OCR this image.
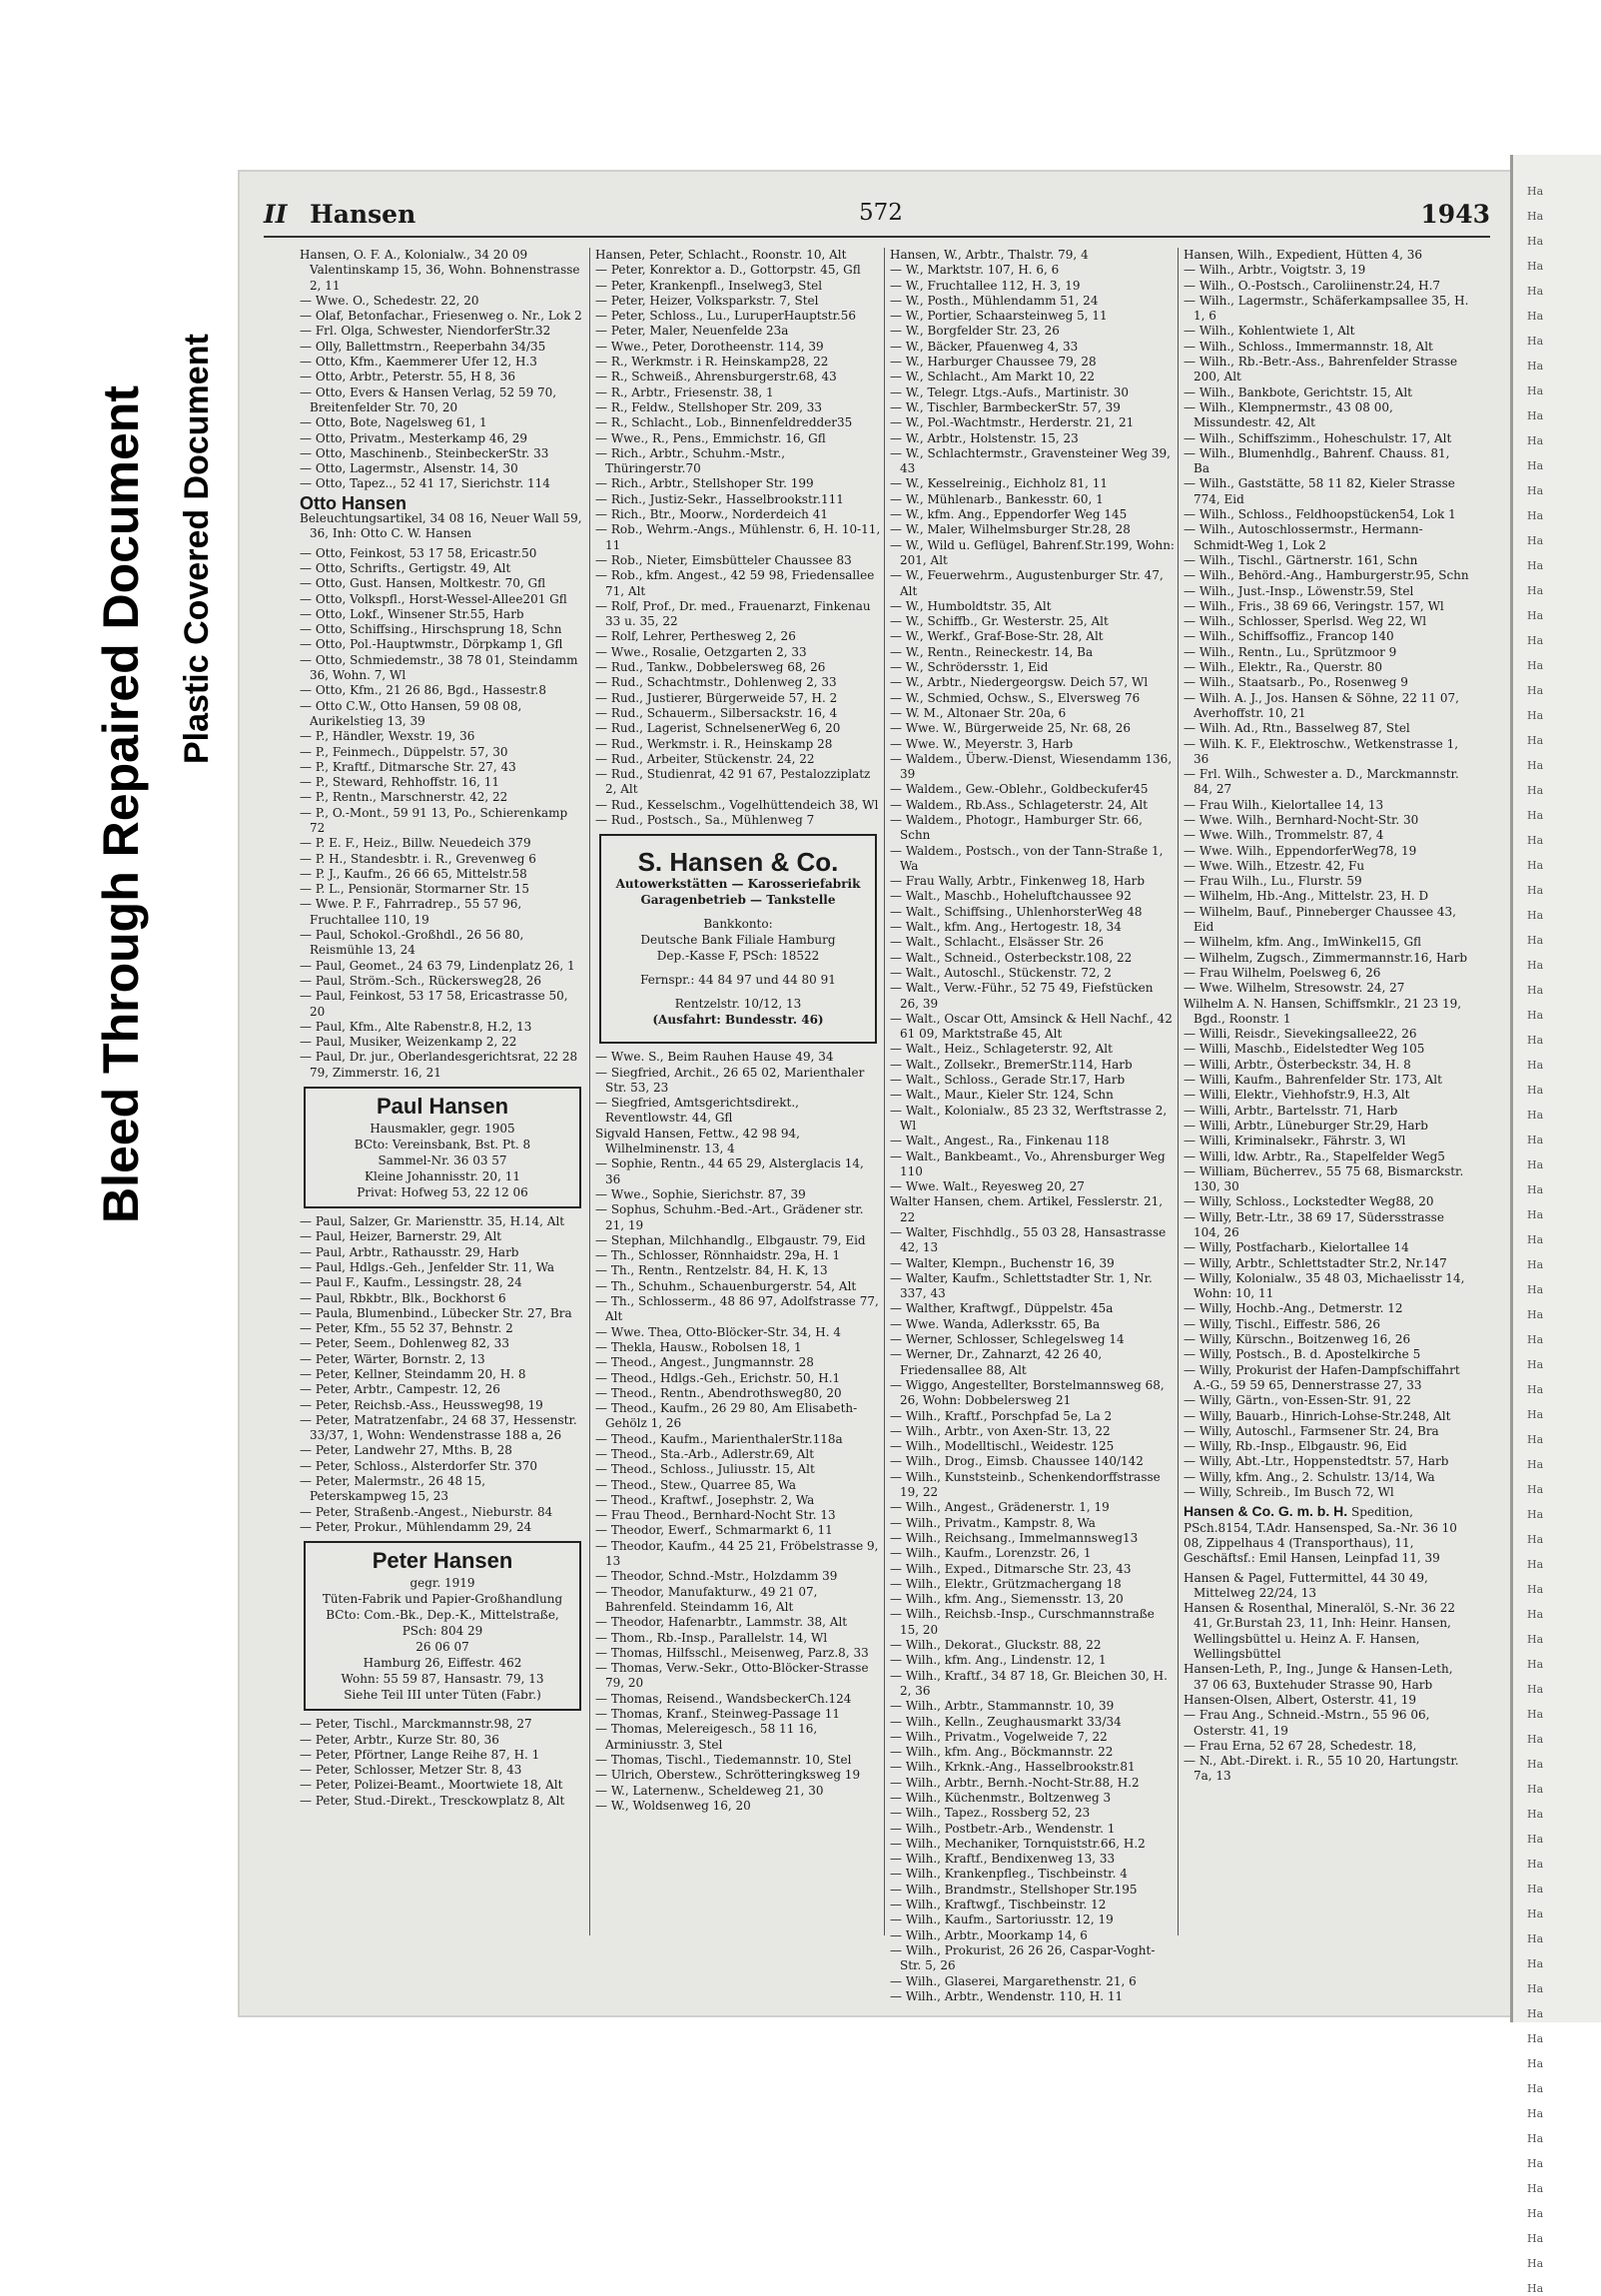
Bleed Through Repaired Document Plastic Covered Document
II Hansen	572	1943
Hansen, O. F. A., Kolonialw., 34 20 09 Valentinskamp 15, 36, Wohn. Bohnenstrasse 2, 11
— Wwe. O., Schedestr. 22, 20
— Olaf, Betonfachar., Friesenweg o. Nr., Lok 2
— Frl. Olga, Schwester, NiendorferStr.32
— Olly, Ballettmstrn., Reeperbahn 34/35
— Otto, Kfm., Kaemmerer Ufer 12, H.3
— Otto, Arbtr., Peterstr. 55, H 8, 36
— Otto, Evers & Hansen Verlag, 52 59 70, Breitenfelder Str. 70, 20
— Otto, Bote, Nagelsweg 61, 1
— Otto, Privatm., Mesterkamp 46, 29
— Otto, Maschinenb., SteinbeckerStr. 33
— Otto, Lagermstr., Alsenstr. 14, 30
— Otto, Tapez.., 52 41 17, Sierichstr. 114
Otto Hansen
Beleuchtungsartikel, 34 08 16, Neuer Wall 59, 36, Inh: Otto C. W. Hansen
— Otto, Feinkost, 53 17 58, Ericastr.50
— Otto, Schrifts., Gertigstr. 49, Alt
— Otto, Gust. Hansen, Moltkestr. 70, Gfl
— Otto, Volkspfl., Horst-Wessel-Allee201 Gfl
— Otto, Lokf., Winsener Str.55, Harb
— Otto, Schiffsing., Hirschsprung 18, Schn
— Otto, Pol.-Hauptwmstr., Dörpkamp 1, Gfl
— Otto, Schmiedemstr., 38 78 01, Steindamm 36, Wohn. 7, Wl
— Otto, Kfm., 21 26 86, Bgd., Hassestr.8
— Otto C.W., Otto Hansen, 59 08 08, Aurikelstieg 13, 39
— P., Händler, Wexstr. 19, 36
— P., Feinmech., Düppelstr. 57, 30
— P., Kraftf., Ditmarsche Str. 27, 43
— P., Steward, Rehhoffstr. 16, 11
— P., Rentn., Marschnerstr. 42, 22
— P., O.-Mont., 59 91 13, Po., Schierenkamp 72
— P. E. F., Heiz., Billw. Neuedeich 379
— P. H., Standesbtr. i. R., Grevenweg 6
— P. J., Kaufm., 26 66 65, Mittelstr.58
— P. L., Pensionär, Stormarner Str. 15
— Wwe. P. F., Fahrradrep., 55 57 96, Fruchtallee 110, 19
— Paul, Schokol.-Großhdl., 26 56 80, Reismühle 13, 24
— Paul, Geomet., 24 63 79, Lindenplatz 26, 1
— Paul, Ström.-Sch., Rückersweg28, 26
— Paul, Feinkost, 53 17 58, Ericastrasse 50, 20
— Paul, Kfm., Alte Rabenstr.8, H.2, 13
— Paul, Musiker, Weizenkamp 2, 22
— Paul, Dr. jur., Oberlandesgerichtsrat, 22 28 79, Zimmerstr. 16, 21
Paul Hansen
Hausmakler, gegr. 1905
BCto: Vereinsbank, Bst. Pt. 8
Sammel-Nr. 36 03 57
Kleine Johannisstr. 20, 11
Privat: Hofweg 53, 22 12 06
— Paul, Salzer, Gr. Mariensttr. 35, H.14, Alt
— Paul, Heizer, Barnerstr. 29, Alt
— Paul, Arbtr., Rathausstr. 29, Harb
— Paul, Hdlgs.-Geh., Jenfelder Str. 11, Wa
— Paul F., Kaufm., Lessingstr. 28, 24
— Paul, Rbkbtr., Blk., Bockhorst 6
— Paula, Blumenbind., Lübecker Str. 27, Bra
— Peter, Kfm., 55 52 37, Behnstr. 2
— Peter, Seem., Dohlenweg 82, 33
— Peter, Wärter, Bornstr. 2, 13
— Peter, Kellner, Steindamm 20, H. 8
— Peter, Arbtr., Campestr. 12, 26
— Peter, Reichsb.-Ass., Heussweg98, 19
— Peter, Matratzenfabr., 24 68 37, Hessenstr. 33/37, 1, Wohn: Wendenstrasse 188 a, 26
— Peter, Landwehr 27, Mths. B, 28
— Peter, Schloss., Alsterdorfer Str. 370
— Peter, Malermstr., 26 48 15, Peterskampweg 15, 23
— Peter, Straßenb.-Angest., Nieburstr. 84
— Peter, Prokur., Mühlendamm 29, 24
Peter Hansen
gegr. 1919
Tüten-Fabrik und Papier-Großhandlung
BCto: Com.-Bk., Dep.-K., Mittelstraße, PSch: 804 29
26 06 07
Hamburg 26, Eiffestr. 462
Wohn: 55 59 87, Hansastr. 79, 13
Siehe Teil III unter Tüten (Fabr.)
— Peter, Tischl., Marckmannstr.98, 27
— Peter, Arbtr., Kurze Str. 80, 36
— Peter, Pförtner, Lange Reihe 87, H. 1
— Peter, Schlosser, Metzer Str. 8, 43
— Peter, Polizei-Beamt., Moortwiete 18, Alt
— Peter, Stud.-Direkt., Tresckowplatz 8, Alt
Hansen, Peter, Schlacht., Roonstr. 10, Alt
— Peter, Konrektor a. D., Gottorpstr. 45, Gfl
— Peter, Krankenpfl., Inselweg3, Stel
— Peter, Heizer, Volksparkstr. 7, Stel
— Peter, Schloss., Lu., LuruperHauptstr.56
— Peter, Maler, Neuenfelde 23a
— Wwe., Peter, Dorotheenstr. 114, 39
— R., Werkmstr. i R. Heinskamp28, 22
— R., Schweiß., Ahrensburgerstr.68, 43
— R., Arbtr., Friesenstr. 38, 1
— R., Feldw., Stellshoper Str. 209, 33
— R., Schlacht., Lob., Binnenfeldredder35
— Wwe., R., Pens., Emmichstr. 16, Gfl
— Rich., Arbtr., Schuhm.-Mstr., Thüringerstr.70
— Rich., Arbtr., Stellshoper Str. 199
— Rich., Justiz-Sekr., Hasselbrookstr.111
— Rich., Btr., Moorw., Norderdeich 41
— Rob., Wehrm.-Angs., Mühlenstr. 6, H. 10-11, 11
— Rob., Nieter, Eimsbütteler Chaussee 83
— Rob., kfm. Angest., 42 59 98, Friedensallee 71, Alt
— Rolf, Prof., Dr. med., Frauenarzt, Finkenau 33 u. 35, 22
— Rolf, Lehrer, Perthesweg 2, 26
— Wwe., Rosalie, Oetzgarten 2, 33
— Rud., Tankw., Dobbelersweg 68, 26
— Rud., Schachtmstr., Dohlenweg 2, 33
— Rud., Justierer, Bürgerweide 57, H. 2
— Rud., Schauerm., Silbersackstr. 16, 4
— Rud., Lagerist, SchnelsenerWeg 6, 20
— Rud., Werkmstr. i. R., Heinskamp 28
— Rud., Arbeiter, Stückenstr. 24, 22
— Rud., Studienrat, 42 91 67, Pestalozziplatz 2, Alt
— Rud., Kesselschm., Vogelhüttendeich 38, Wl
— Rud., Postsch., Sa., Mühlenweg 7
S. Hansen & Co.
Autowerkstätten — Karosseriefabrik
Garagenbetrieb — Tankstelle
Bankkonto:
Deutsche Bank Filiale Hamburg
Dep.-Kasse F, PSch: 18522
Fernspr.: 44 84 97 und 44 80 91
Rentzelstr. 10/12, 13
(Ausfahrt: Bundesstr. 46)
— Wwe. S., Beim Rauhen Hause 49, 34
— Siegfried, Archit., 26 65 02, Marienthaler Str. 53, 23
— Siegfried, Amtsgerichtsdirekt., Reventlowstr. 44, Gfl
Sigvald Hansen, Fettw., 42 98 94, Wilhelminenstr. 13, 4
— Sophie, Rentn., 44 65 29, Alsterglacis 14, 36
— Wwe., Sophie, Sierichstr. 87, 39
— Sophus, Schuhm.-Bed.-Art., Grädener str. 21, 19
— Stephan, Milchhandlg., Elbgaustr. 79, Eid
— Th., Schlosser, Rönnhaidstr. 29a, H. 1
— Th., Rentn., Rentzelstr. 84, H. K, 13
— Th., Schuhm., Schauenburgerstr. 54, Alt
— Th., Schlosserm., 48 86 97, Adolfstrasse 77, Alt
— Wwe. Thea, Otto-Blöcker-Str. 34, H. 4
— Thekla, Hausw., Robolsen 18, 1
— Theod., Angest., Jungmannstr. 28
— Theod., Hdlgs.-Geh., Erichstr. 50, H.1
— Theod., Rentn., Abendrothsweg80, 20
— Theod., Kaufm., 26 29 80, Am Elisabeth-Gehölz 1, 26
— Theod., Kaufm., MarienthalerStr.118a
— Theod., Sta.-Arb., Adlerstr.69, Alt
— Theod., Schloss., Juliusstr. 15, Alt
— Theod., Stew., Quarree 85, Wa
— Theod., Kraftwf., Josephstr. 2, Wa
— Frau Theod., Bernhard-Nocht Str. 13
— Theodor, Ewerf., Schmarmarkt 6, 11
— Theodor, Kaufm., 44 25 21, Fröbelstrasse 9, 13
— Theodor, Schnd.-Mstr., Holzdamm 39
— Theodor, Manufakturw., 49 21 07, Bahrenfeld. Steindamm 16, Alt
— Theodor, Hafenarbtr., Lammstr. 38, Alt
— Thom., Rb.-Insp., Parallelstr. 14, Wl
— Thomas, Hilfsschl., Meisenweg, Parz.8, 33
— Thomas, Verw.-Sekr., Otto-Blöcker-Strasse 79, 20
— Thomas, Reisend., WandsbeckerCh.124
— Thomas, Kranf., Steinweg-Passage 11
— Thomas, Melereigesch., 58 11 16, Arminiusstr. 3, Stel
— Thomas, Tischl., Tiedemannstr. 10, Stel
— Ulrich, Oberstew., Schrötteringksweg 19
— W., Laternenw., Scheldeweg 21, 30
— W., Woldsenweg 16, 20
Hansen, W., Arbtr., Thalstr. 79, 4
— W., Marktstr. 107, H. 6, 6
— W., Fruchtallee 112, H. 3, 19
— W., Posth., Mühlendamm 51, 24
— W., Portier, Schaarsteinweg 5, 11
— W., Borgfelder Str. 23, 26
— W., Bäcker, Pfauenweg 4, 33
— W., Harburger Chaussee 79, 28
— W., Schlacht., Am Markt 10, 22
— W., Telegr. Ltgs.-Aufs., Martinistr. 30
— W., Tischler, BarmbeckerStr. 57, 39
— W., Pol.-Wachtmstr., Herderstr. 21, 21
— W., Arbtr., Holstenstr. 15, 23
— W., Schlachtermstr., Gravensteiner Weg 39, 43
— W., Kesselreinig., Eichholz 81, 11
— W., Mühlenarb., Bankesstr. 60, 1
— W., kfm. Ang., Eppendorfer Weg 145
— W., Maler, Wilhelmsburger Str.28, 28
— W., Wild u. Geflügel, Bahrenf.Str.199, Wohn: 201, Alt
— W., Feuerwehrm., Augustenburger Str. 47, Alt
— W., Humboldtstr. 35, Alt
— W., Schiffb., Gr. Westerstr. 25, Alt
— W., Werkf., Graf-Bose-Str. 28, Alt
— W., Rentn., Reineckestr. 14, Ba
— W., Schrödersstr. 1, Eid
— W., Arbtr., Niedergeorgsw. Deich 57, Wl
— W., Schmied, Ochsw., S., Elversweg 76
— W. M., Altonaer Str. 20a, 6
— Wwe. W., Bürgerweide 25, Nr. 68, 26
— Wwe. W., Meyerstr. 3, Harb
— Waldem., Überw.-Dienst, Wiesendamm 136, 39
— Waldem., Gew.-Oblehr., Goldbeckufer45
— Waldem., Rb.Ass., Schlageterstr. 24, Alt
— Waldem., Photogr., Hamburger Str. 66, Schn
— Waldem., Postsch., von der Tann-Straße 1, Wa
— Frau Wally, Arbtr., Finkenweg 18, Harb
— Walt., Maschb., Hoheluftchaussee 92
— Walt., Schiffsing., UhlenhorsterWeg 48
— Walt., kfm. Ang., Hertogestr. 18, 34
— Walt., Schlacht., Elsässer Str. 26
— Walt., Schneid., Osterbeckstr.108, 22
— Walt., Autoschl., Stückenstr. 72, 2
— Walt., Verw.-Führ., 52 75 49, Fiefstücken 26, 39
— Walt., Oscar Ott, Amsinck & Hell Nachf., 42 61 09, Marktstraße 45, Alt
— Walt., Heiz., Schlageterstr. 92, Alt
— Walt., Zollsekr., BremerStr.114, Harb
— Walt., Schloss., Gerade Str.17, Harb
— Walt., Maur., Kieler Str. 124, Schn
— Walt., Kolonialw., 85 23 32, Werftstrasse 2, Wl
— Walt., Angest., Ra., Finkenau 118
— Walt., Bankbeamt., Vo., Ahrensburger Weg 110
— Wwe. Walt., Reyesweg 20, 27
Walter Hansen, chem. Artikel, Fesslerstr. 21, 22
— Walter, Fischhdlg., 55 03 28, Hansastrasse 42, 13
— Walter, Klempn., Buchenstr 16, 39
— Walter, Kaufm., Schlettstadter Str. 1, Nr. 337, 43
— Walther, Kraftwgf., Düppelstr. 45a
— Wwe. Wanda, Adlerksstr. 65, Ba
— Werner, Schlosser, Schlegelsweg 14
— Werner, Dr., Zahnarzt, 42 26 40, Friedensallee 88, Alt
— Wiggo, Angestellter, Borstelmannsweg 68, 26, Wohn: Dobbelersweg 21
— Wilh., Kraftf., Porschpfad 5e, La 2
— Wilh., Arbtr., von Axen-Str. 13, 22
— Wilh., Modelltischl., Weidestr. 125
— Wilh., Drog., Eimsb. Chaussee 140/142
— Wilh., Kunststeinb., Schenkendorffstrasse 19, 22
— Wilh., Angest., Grädenerstr. 1, 19
— Wilh., Privatm., Kampstr. 8, Wa
— Wilh., Reichsang., Immelmannsweg13
— Wilh., Kaufm., Lorenzstr. 26, 1
— Wilh., Exped., Ditmarsche Str. 23, 43
— Wilh., Elektr., Grützmachergang 18
— Wilh., kfm. Ang., Siemensstr. 13, 20
— Wilh., Reichsb.-Insp., Curschmannstraße 15, 20
— Wilh., Dekorat., Gluckstr. 88, 22
— Wilh., kfm. Ang., Lindenstr. 12, 1
— Wilh., Kraftf., 34 87 18, Gr. Bleichen 30, H. 2, 36
— Wilh., Arbtr., Stammannstr. 10, 39
— Wilh., Kelln., Zeughausmarkt 33/34
— Wilh., Privatm., Vogelweide 7, 22
— Wilh., kfm. Ang., Böckmannstr. 22
— Wilh., Krknk.-Ang., Hasselbrookstr.81
— Wilh., Arbtr., Bernh.-Nocht-Str.88, H.2
— Wilh., Küchenmstr., Boltzenweg 3
— Wilh., Tapez., Rossberg 52, 23
— Wilh., Postbetr.-Arb., Wendenstr. 1
— Wilh., Mechaniker, Tornquiststr.66, H.2
— Wilh., Kraftf., Bendixenweg 13, 33
— Wilh., Krankenpfleg., Tischbeinstr. 4
— Wilh., Brandmstr., Stellshoper Str.195
— Wilh., Kraftwgf., Tischbeinstr. 12
— Wilh., Kaufm., Sartoriusstr. 12, 19
— Wilh., Arbtr., Moorkamp 14, 6
— Wilh., Prokurist, 26 26 26, Caspar-Voght-Str. 5, 26
— Wilh., Glaserei, Margarethenstr. 21, 6
— Wilh., Arbtr., Wendenstr. 110, H. 11
Hansen, Wilh., Expedient, Hütten 4, 36
— Wilh., Arbtr., Voigtstr. 3, 19
— Wilh., O.-Postsch., Caroliinenstr.24, H.7
— Wilh., Lagermstr., Schäferkampsallee 35, H. 1, 6
— Wilh., Kohlentwiete 1, Alt
— Wilh., Schloss., Immermannstr. 18, Alt
— Wilh., Rb.-Betr.-Ass., Bahrenfelder Strasse 200, Alt
— Wilh., Bankbote, Gerichtstr. 15, Alt
— Wilh., Klempnermstr., 43 08 00, Missundestr. 42, Alt
— Wilh., Schiffszimm., Hoheschulstr. 17, Alt
— Wilh., Blumenhdlg., Bahrenf. Chauss. 81, Ba
— Wilh., Gaststätte, 58 11 82, Kieler Strasse 774, Eid
— Wilh., Schloss., Feldhoopstücken54, Lok 1
— Wilh., Autoschlossermstr., Hermann-Schmidt-Weg 1, Lok 2
— Wilh., Tischl., Gärtnerstr. 161, Schn
— Wilh., Behörd.-Ang., Hamburgerstr.95, Schn
— Wilh., Just.-Insp., Löwenstr.59, Stel
— Wilh., Fris., 38 69 66, Veringstr. 157, Wl
— Wilh., Schlosser, Sperlsd. Weg 22, Wl
— Wilh., Schiffsoffiz., Francop 140
— Wilh., Rentn., Lu., Sprützmoor 9
— Wilh., Elektr., Ra., Querstr. 80
— Wilh., Staatsarb., Po., Rosenweg 9
— Wilh. A. J., Jos. Hansen & Söhne, 22 11 07, Averhoffstr. 10, 21
— Wilh. Ad., Rtn., Basselweg 87, Stel
— Wilh. K. F., Elektroschw., Wetkenstrasse 1, 36
— Frl. Wilh., Schwester a. D., Marckmannstr. 84, 27
— Frau Wilh., Kielortallee 14, 13
— Wwe. Wilh., Bernhard-Nocht-Str. 30
— Wwe. Wilh., Trommelstr. 87, 4
— Wwe. Wilh., EppendorferWeg78, 19
— Wwe. Wilh., Etzestr. 42, Fu
— Frau Wilh., Lu., Flurstr. 59
— Wilhelm, Hb.-Ang., Mittelstr. 23, H. D
— Wilhelm, Bauf., Pinneberger Chaussee 43, Eid
— Wilhelm, kfm. Ang., ImWinkel15, Gfl
— Wilhelm, Zugsch., Zimmermannstr.16, Harb
— Frau Wilhelm, Poelsweg 6, 26
— Wwe. Wilhelm, Stresowstr. 24, 27
Wilhelm A. N. Hansen, Schiffsmklr., 21 23 19, Bgd., Roonstr. 1
— Willi, Reisdr., Sievekingsallee22, 26
— Willi, Maschb., Eidelstedter Weg 105
— Willi, Arbtr., Österbeckstr. 34, H. 8
— Willi, Kaufm., Bahrenfelder Str. 173, Alt
— Willi, Elektr., Viehhofstr.9, H.3, Alt
— Willi, Arbtr., Bartelsstr. 71, Harb
— Willi, Arbtr., Lüneburger Str.29, Harb
— Willi, Kriminalsekr., Fährstr. 3, Wl
— Willi, ldw. Arbtr., Ra., Stapelfelder Weg5
— William, Bücherrev., 55 75 68, Bismarckstr. 130, 30
— Willy, Schloss., Lockstedter Weg88, 20
— Willy, Betr.-Ltr., 38 69 17, Südersstrasse 104, 26
— Willy, Postfacharb., Kielortallee 14
— Willy, Arbtr., Schlettstadter Str.2, Nr.147
— Willy, Kolonialw., 35 48 03, Michaelisstr 14, Wohn: 10, 11
— Willy, Hochb.-Ang., Detmerstr. 12
— Willy, Tischl., Eiffestr. 586, 26
— Willy, Kürschn., Boitzenweg 16, 26
— Willy, Postsch., B. d. Apostelkirche 5
— Willy, Prokurist der Hafen-Dampfschiffahrt A.-G., 59 59 65, Dennerstrasse 27, 33
— Willy, Gärtn., von-Essen-Str. 91, 22
— Willy, Bauarb., Hinrich-Lohse-Str.248, Alt
— Willy, Autoschl., Farmsener Str. 24, Bra
— Willy, Rb.-Insp., Elbgaustr. 96, Eid
— Willy, Abt.-Ltr., Hoppenstedtstr. 57, Harb
— Willy, kfm. Ang., 2. Schulstr. 13/14, Wa
— Willy, Schreib., Im Busch 72, Wl
Hansen & Co. G. m. b. H. Spedition, PSch.8154, T.Adr. Hansensped, Sa.-Nr. 36 10 08, Zippelhaus 4 (Transporthaus), 11, Geschäftsf.: Emil Hansen, Leinpfad 11, 39
Hansen & Pagel, Futtermittel, 44 30 49, Mittelweg 22/24, 13
Hansen & Rosenthal, Mineralöl, S.-Nr. 36 22 41, Gr.Burstah 23, 11, Inh: Heinr. Hansen, Wellingsbüttel u. Heinz A. F. Hansen, Wellingsbüttel
Hansen-Leth, P., Ing., Junge & Hansen-Leth, 37 06 63, Buxtehuder Strasse 90, Harb
Hansen-Olsen, Albert, Osterstr. 41, 19
— Frau Ang., Schneid.-Mstrn., 55 96 06, Osterstr. 41, 19
— Frau Erna, 52 67 28, Schedestr. 18,
— N., Abt.-Direkt. i. R., 55 10 20, Hartungstr. 7a, 13
Ha
Ha
Ha
Ha
Ha
Ha
Ha
Ha
Ha
Ha
Ha
Ha
Ha
Ha
Ha
Ha
Ha
Ha
Ha
Ha
Ha
Ha
Ha
Ha
Ha
Ha
Ha
Ha
Ha
Ha
Ha
Ha
Ha
Ha
Ha
Ha
Ha
Ha
Ha
Ha
Ha
Ha
Ha
Ha
Ha
Ha
Ha
Ha
Ha
Ha
Ha
Ha
Ha
Ha
Ha
Ha
Ha
Ha
Ha
Ha
Ha
Ha
Ha
Ha
Ha
Ha
Ha
Ha
Ha
Ha
Ha
Ha
Ha
Ha
Ha
Ha
Ha
Ha
Ha
Ha
Ha
Ha
Ha
Ha
Ha
